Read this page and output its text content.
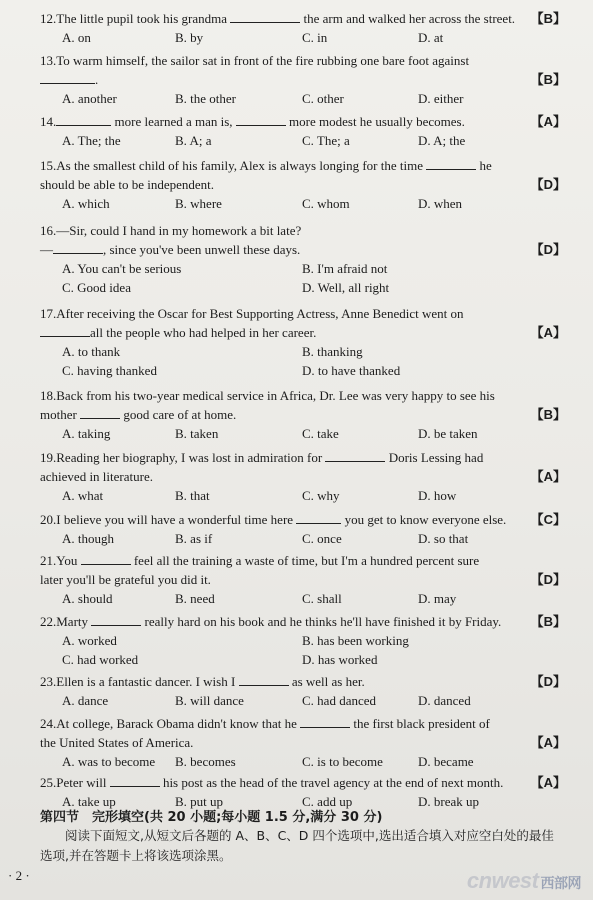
12.The little pupil took his grandma	the arm and walked her across the street. 【B】
A. on	B. by	C. in	D. at
13.To warm himself, the sailor sat in front of the fire rubbing one bare foot against
.	【B】
A. another	B. the other	C. other	D. either
14.	more learned a man is,	more modest he usually becomes.	【A】
A. The; the	B. A; a	C. The; a	D. A; the
15.As the smallest child of his family, Alex is always longing for the time	he
should be able to be independent.	【D】
A. which	B. where	C. whom	D. when
16.—Sir, could I hand in my homework a bit late?
—	, since you've been unwell these days.	【D】
A. You can't be serious	B. I'm afraid not
C. Good idea	D. Well, all right
17.After receiving the Oscar for Best Supporting Actress, Anne Benedict went on
all the people who had helped in her career.	【A】
A. to thank	B. thanking
C. having thanked	D. to have thanked
18.Back from his two-year medical service in Africa, Dr. Lee was very happy to see his
mother	good care of at home.	【B】
A. taking	B. taken	C. take	D. be taken
19.Reading her biography, I was lost in admiration for	Doris Lessing had
achieved in literature.	【A】
A. what	B. that	C. why	D. how
20.I believe you will have a wonderful time here	you get to know everyone else. 【C】
A. though	B. as if	C. once	D. so that
21.You	feel all the training a waste of time, but I'm a hundred percent sure
later you'll be grateful you did it.	【D】
A. should	B. need	C. shall	D. may
22.Marty	really hard on his book and he thinks he'll have finished it by Friday. 【B】
A. worked	B. has been working
C. had worked	D. has worked
23.Ellen is a fantastic dancer. I wish I	as well as her.	【D】
A. dance	B. will dance	C. had danced	D. danced
24.At college, Barack Obama didn't know that he	the first black president of
the United States of America.	【A】
A. was to become B. becomes	C. is to become	D. became
25.Peter will	his post as the head of the travel agency at the end of next month. 【A】
A. take up	B. put up	C. add up	D. break up
第四节　完形填空(共 20 小题;每小题 1.5 分,满分 30 分)
阅读下面短文,从短文后各题的 A、B、C、D 四个选项中,选出适合填入对应空白处的最佳选项,并在答题卡上将该选项涂黑。
· 2 ·	cnwest 西部网
